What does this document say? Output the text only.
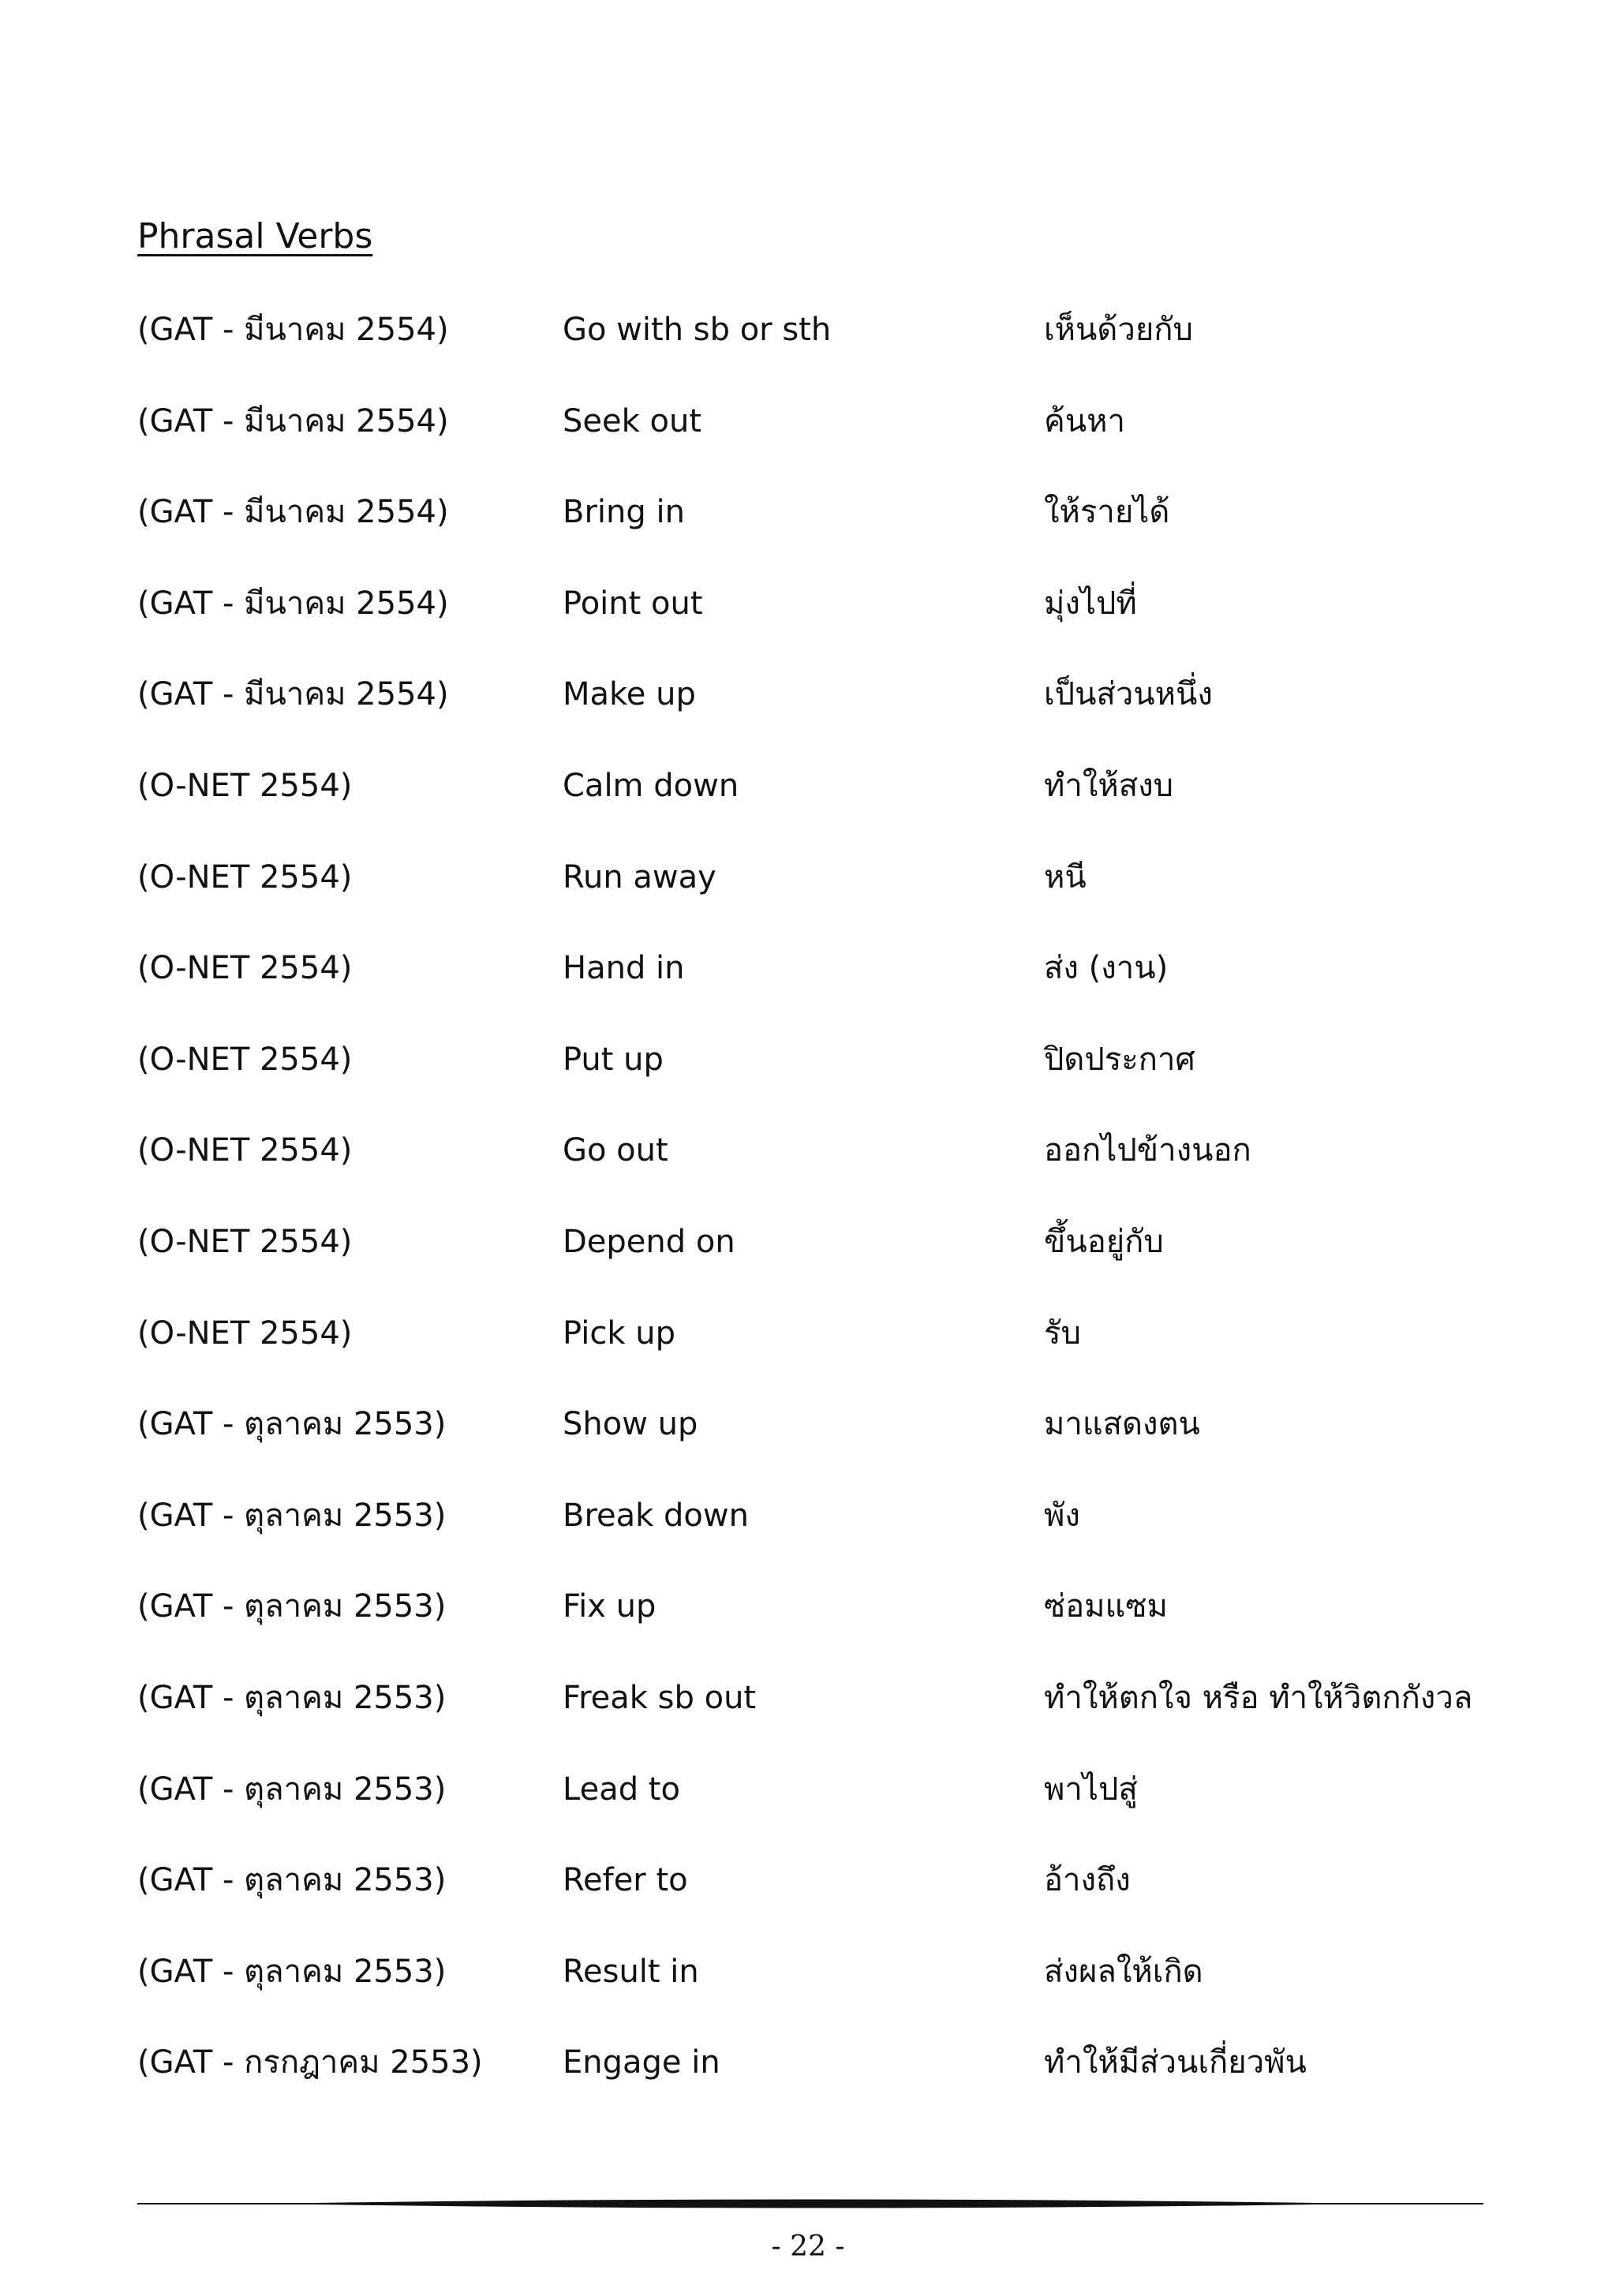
Phrasal Verbs
(GAT - มีนาคม 2554)	Go with sb or sth	เห็นด้วยกับ
(GAT - มีนาคม 2554)	Seek out	ค้นหา
(GAT - มีนาคม 2554)	Bring in	ให้รายได้
(GAT - มีนาคม 2554)	Point out	มุ่งไปที่
(GAT - มีนาคม 2554)	Make up	เป็นส่วนหนึ่ง
(O-NET 2554)	Calm down	ทำให้สงบ
(O-NET 2554)	Run away	หนี
(O-NET 2554)	Hand in	ส่ง (งาน)
(O-NET 2554)	Put up	ปิดประกาศ
(O-NET 2554)	Go out	ออกไปข้างนอก
(O-NET 2554)	Depend on	ขึ้นอยู่กับ
(O-NET 2554)	Pick up	รับ
(GAT - ตุลาคม 2553)	Show up	มาแสดงตน
(GAT - ตุลาคม 2553)	Break down	พัง
(GAT - ตุลาคม 2553)	Fix up	ซ่อมแซม
(GAT - ตุลาคม 2553)	Freak sb out	ทำให้ตกใจ หรือ ทำให้วิตกกังวล
(GAT - ตุลาคม 2553)	Lead to	พาไปสู่
(GAT - ตุลาคม 2553)	Refer to	อ้างถึง
(GAT - ตุลาคม 2553)	Result in	ส่งผลให้เกิด
(GAT - กรกฎาคม 2553)	Engage in	ทำให้มีส่วนเกี่ยวพัน
- 22 -
